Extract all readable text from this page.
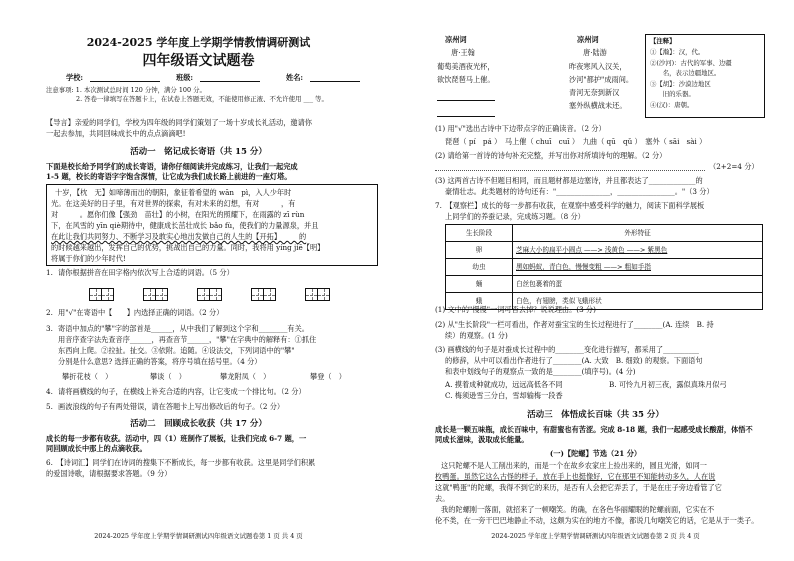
2024-2025 学年度上学期学情教情调研测试
四年级语文试题卷
学校:	班级:	姓名:
注意事项: 1. 本次测试总时间 120 分钟，满分 100 分。
2. 答卷一律填写在答题卡上，在试卷上答题无效，不能使用修正液、不允许使用 ___ 等。
【导言】亲爱的同学们，学校为四年级的同学们策划了一场十岁成长礼活动，邀请你
一起去参加，共同回味成长中的点点滴滴吧!
活动一　铭记成长寄语（共 15 分）
下面是校长给予同学们的成长寄语，请你仔细阅读并完成练习，让我们一起完成
1-5 题，校长的寄语字字饱含深情，让它成为我们成长路上前进的一座灯塔。
十岁，【枕　无】如啼薄而出的朝阳，象征着希望的 wān　pì，入人少年时
光。在这美好的日子里，有对世界的探索，有对未来的幻想，有对　　　，有
对　　　。愿你们像【强劲　苗壮】的小树，在阳光的照耀下，在雨露的 zī rùn
下，在风雪的 yīn qiè期待中，健康成长茁壮成长 bǎo fù，使我们的力量源泉，并且
在此让我们共同努力、不断学习及敢实心地出发做自己的人生的【开拓】　　　的
的时候越来越出，发挥自己的优势，挑战出自己的力量。同时，我将用 yíng jiē【明】
将属于你们的少年时代!
1. 请你根据拼音在田字格内依次写上合适的词语。（5 分）
2. 用"√"在寄语中【　　】内选择正确的词语。（2 分）
3. 寄语中加点的"攀"字的部首是______，从中我们了解到这个字和________有关。
用音序查字法先查音序______，再查音节______，"攀"在字典中的解释有：①抓住
东西向上爬。②拉扯。扯交。③依附。追随。④设法交，下列词语中的"攀"
分别是什么意思? 选择正确的答案，将序号填在括号里。（4 分）
攀折花枝（　）	攀谈（　）	攀龙附凤（　）	攀登（　）
4. 请将画横线的句子，在横线上补充合适的内容，让它变成一个排比句。（2 分）
5. 画波浪线的句子有两处错误，请在答题卡上写出修改后的句子。（2 分）
活动二　回顾成长收获（共 17 分）
成长的每一步都有收获。活动中，四（1）班制作了展板，让我们完成 6-7 题，一
同回顾成长中那上的点滴收获。
6.　【诗词汇】同学们在诗词的搜集下不断成长，每一步都有收获。这里是同学们积累
的爱国诗歌，请根据要求答题。（9 分）
2024-2025 学年度上学期学情调研测试四年级语文试题卷第 1 页 共 4 页
凉州词
唐·王翰
葡萄美酒夜光杯，
欲饮琵琶马上催。
凉州词
唐·陆游
昨夜寒风入汉关，
沙河"都护"成雨间。
青河无奈到新汉
塞外纵横战未还。
【注释】
①【瀚】：汉，代。
②(沙河)：古代的军事、边疆
　　名，表示边疆地区。
③【胡】：沙漠边地区
　　旧的乐器。
④(汉)：唐朝。
(1) 用"√"选出古诗中下边带点字的正确读音。（2 分）
琵琶（ pí　pá ）　马上催（ chuī　cuī ）　九曲（ qū　qǔ ）　塞外（ sāi　sài ）
(2) 请给第一首诗的诗句补充完整，并写出你对所填诗句的理解。（2 分）
（2+2=4 分）
(3) 这两首古诗不但题目相同，而且题材都是边塞诗，并且都表达了_____________的
豪情壮志。此类题材的诗句还有："_______________，________________。"（3 分）
7.　【观察栏】成长的每一步都有收获，在观察中感受科学的魅力，阅读下面科学展板
上同学们的养蚕记录，完成练习题。（8 分）
生长阶段	外形特征
卵	芝麻大小的扁平小圆点 ——> 浅黄色 ——> 紫黑色
幼虫	黑如蚂蚁，青白色，慢慢变粗 ——> 粗如手指
蛹	白丝包裹着的蛋
蛾	白色，有翅膀，类似飞蛾形状
(1) 文中的"慢慢"一词可否去掉？说说理由。(3 分)
(2) 从"生长阶段"一栏可看出，作者对蚕宝宝的生长过程进行了________(A. 连续　B. 持
续）的观察。(1 分)
(3) 画横线的句子是对蚕成长过程中的________变化进行描写，都采用了__________
的修辞，从中可以看出作者进行了________(A. 大致　B. 细致) 的观察。下面语句
和表中划线句子的观察点一致的是________(填序号)。(4 分)
A. 摸着成种就成功，远远高低各不同	B. 可怜九月初三夜，露似真珠月似弓
C. 梅须逊雪三分白，雪却输梅一段香
活动三　体悟成长百味（共 35 分）
成长是一颗五味瓶，成长百味中，有甜蜜也有苦涩。完成 8-18 题，我们一起感受成长酸甜，体悟不
同成长滋味，汲取成长能量。
(一)【陀螺】节选（21 分）
这只陀螺不是人工削出来的，而是一个在故乡农家庄上捡出来的，圆且光滑，如同一
枚鸭蛋。虽然它这么古怪的样子，放在手上也挺像好，它在那里不知能转动多久，人在说
这就"鸭蛋"的陀螺，我得不到它的来历，是否有人会把它弄丢了，于是在庄子旁边看管了它
去。
我的陀螺刚一落面，就招来了一顿嘲笑。的确，在各色华丽耀眼的陀螺前面，它实在不
伦不类，在一旁干巴巴地静止不动，这颇为实在的地方不像，都说几句嘲笑它的话，它是从于一类子。
2024-2025 学年度上学期学情调研测试四年级语文试题卷第 2 页 共 4 页
